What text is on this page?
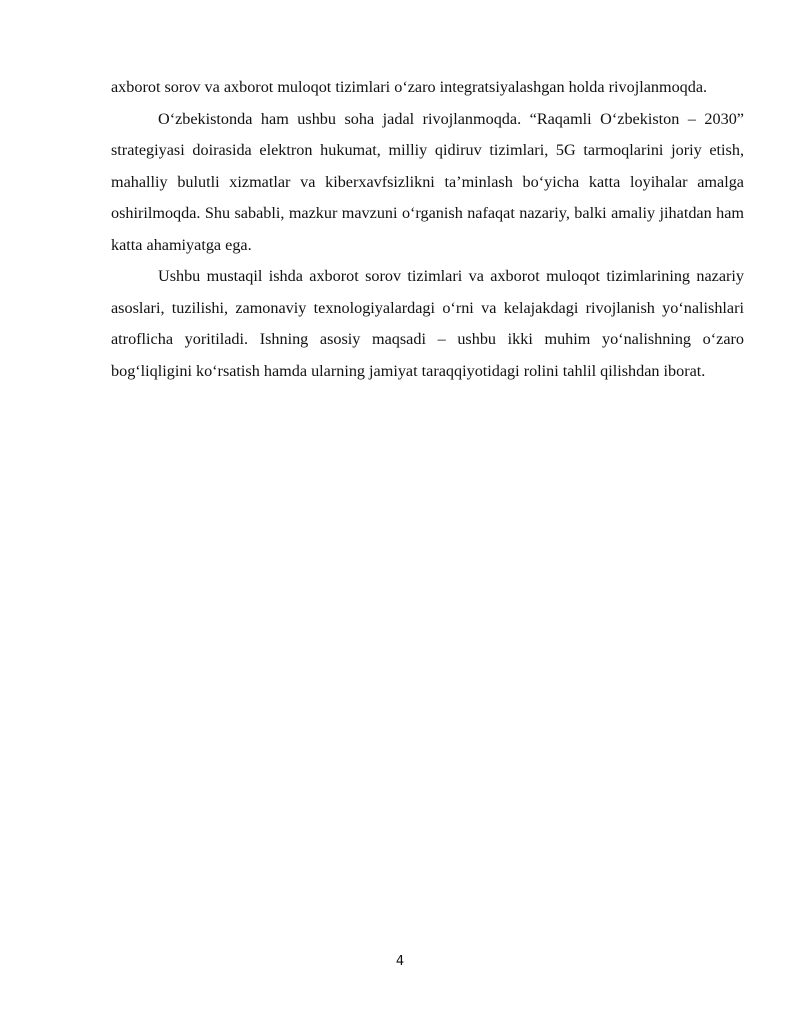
axborot sorov va axborot muloqot tizimlari o‘zaro integratsiyalashgan holda rivojlanmoqda.

O‘zbekistonda ham ushbu soha jadal rivojlanmoqda. “Raqamli O‘zbekiston – 2030” strategiyasi doirasida elektron hukumat, milliy qidiruv tizimlari, 5G tarmoqlarini joriy etish, mahalliy bulutli xizmatlar va kiberxavfsizlikni ta’minlash bo‘yicha katta loyihalar amalga oshirilmoqda. Shu sababli, mazkur mavzuni o‘rganish nafaqat nazariy, balki amaliy jihatdan ham katta ahamiyatga ega.

Ushbu mustaqil ishda axborot sorov tizimlari va axborot muloqot tizimlarining nazariy asoslari, tuzilishi, zamonaviy texnologiyalardagi o‘rni va kelajakdagi rivojlanish yo‘nalishlari atroflicha yoritiladi. Ishning asosiy maqsadi – ushbu ikki muhim yo‘nalishning o‘zaro bog‘liqligini ko‘rsatish hamda ularning jamiyat taraqqiyotidagi rolini tahlil qilishdan iborat.

4
